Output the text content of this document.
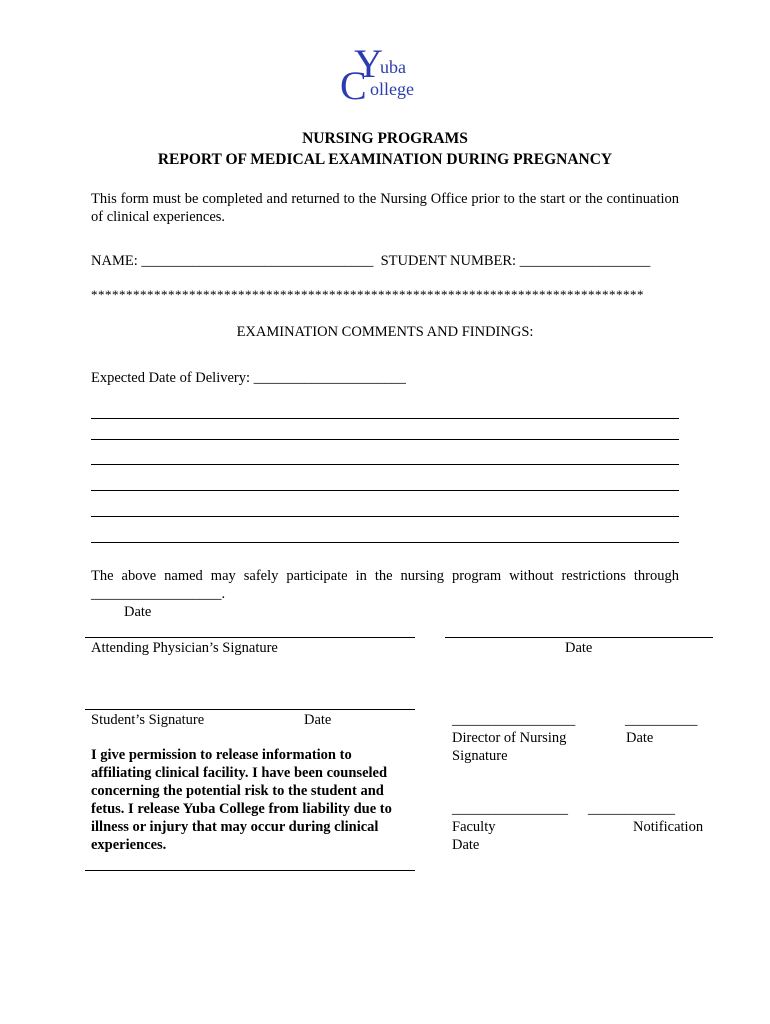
Y
uba
C ollege
NURSING PROGRAMS
REPORT OF MEDICAL EXAMINATION DURING PREGNANCY
This form must be completed and returned to the Nursing Office prior to the start or the continuation of clinical experiences.
NAME: ________________________________  STUDENT NUMBER: __________________
*******************************************************************************
EXAMINATION COMMENTS AND FINDINGS:
Expected Date of Delivery: _____________________
The above named may safely participate in the nursing program without restrictions through
__________________.
Date
Attending Physician’s Signature	Date
Student’s Signature	Date
I give permission to release information to affiliating clinical facility. I have been counseled concerning the potential risk to the student and fetus. I release Yuba College from liability due to illness or injury that may occur during clinical experiences.
_________________	__________
Director of Nursing	Date
Signature
________________ ____________
Faculty	Notification
Date
